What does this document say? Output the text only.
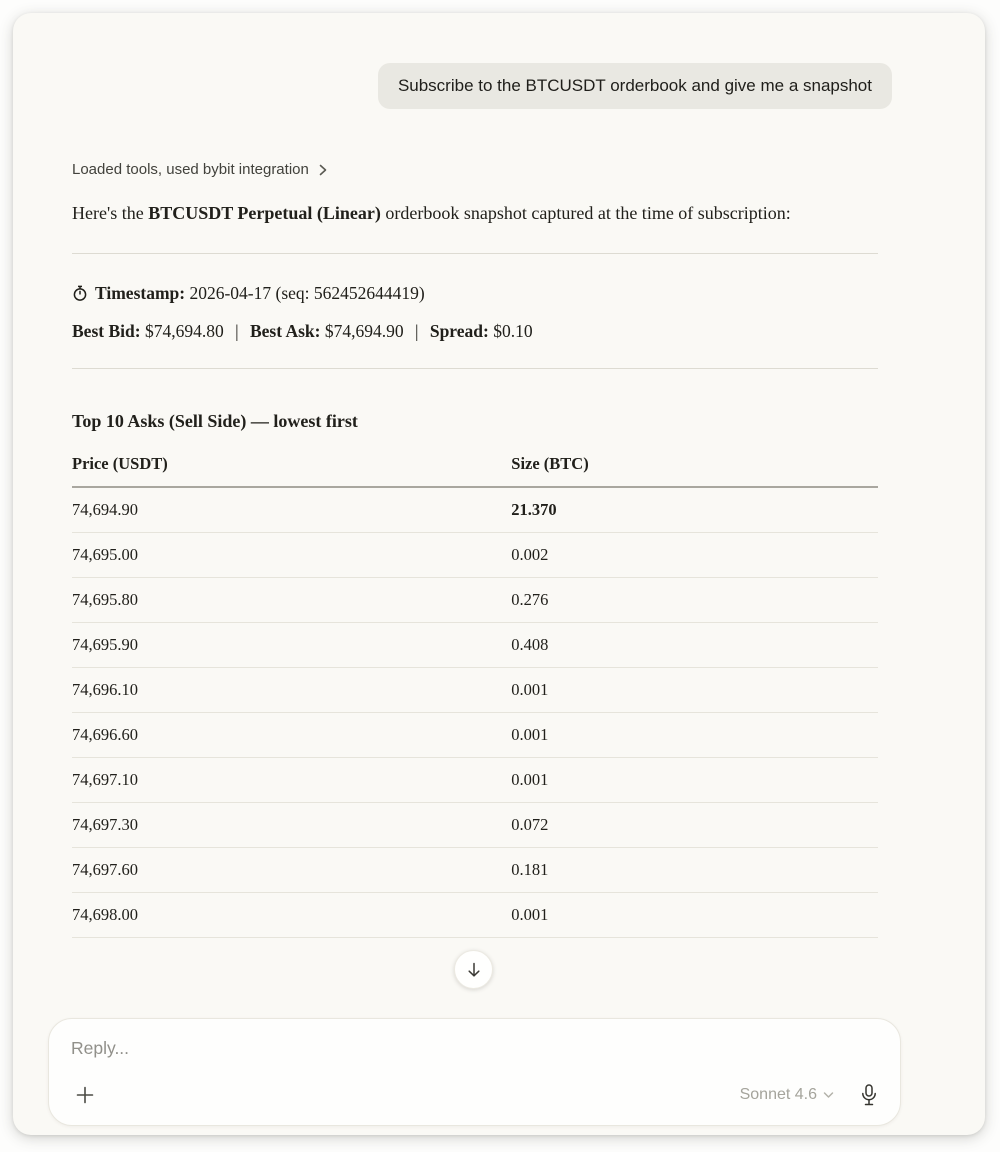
Subscribe to the BTCUSDT orderbook and give me a snapshot
Loaded tools, used bybit integration
Here's the BTCUSDT Perpetual (Linear) orderbook snapshot captured at the time of subscription:
Timestamp: 2026-04-17 (seq: 562452644419)
Best Bid: $74,694.80 | Best Ask: $74,694.90 | Spread: $0.10
Top 10 Asks (Sell Side) — lowest first
Price (USDT)	Size (BTC)
74,694.90	21.370
74,695.00	0.002
74,695.80	0.276
74,695.90	0.408
74,696.10	0.001
74,696.60	0.001
74,697.10	0.001
74,697.30	0.072
74,697.60	0.181
74,698.00	0.001
Reply...
Sonnet 4.6
